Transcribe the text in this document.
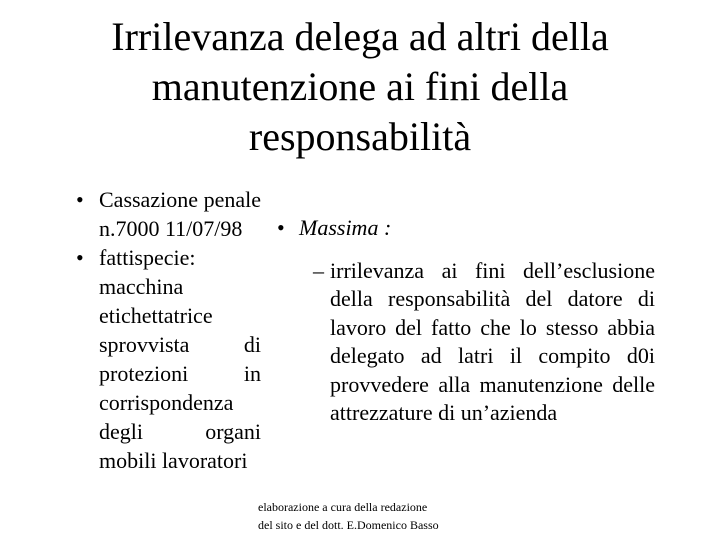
Irrilevanza delega ad altri della
manutenzione ai fini della
responsabilità
• Cassazione penale n.7000 11/07/98
• fattispecie: macchina etichettatrice sprovvista di protezioni in corrispondenza degli organi mobili lavoratori
• Massima :
– irrilevanza ai fini dell’esclusione della responsabilità del datore di lavoro del fatto che lo stesso abbia delegato ad latri il compito d0i provvedere alla manutenzione delle attrezzature di un’azienda
elaborazione a cura della redazione
del sito e del dott. E.Domenico Basso
